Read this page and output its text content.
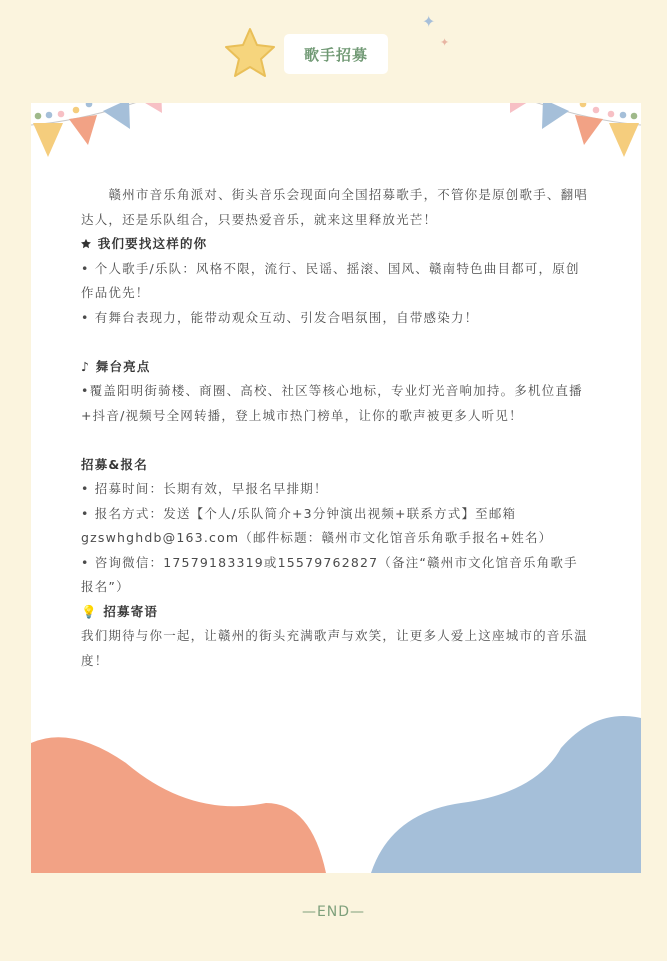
歌手招募
✦
✦

赣州市音乐角派对、街头音乐会现面向全国招募歌手，不管你是原创歌手、翻唱达人，还是乐队组合，只要热爱音乐，就来这里释放光芒！

🟊 我们要找这样的你

• 个人歌手/乐队：风格不限，流行、民谣、摇滚、国风、赣南特色曲目都可，原创作品优先！

• 有舞台表现力，能带动观众互动、引发合唱氛围，自带感染力！

♪ 舞台亮点

•覆盖阳明街骑楼、商圈、高校、社区等核心地标，专业灯光音响加持。多机位直播+抖音/视频号全网转播，登上城市热门榜单，让你的歌声被更多人听见！

招募&报名

• 招募时间：长期有效，早报名早排期！

• 报名方式：发送【个人/乐队简介+3分钟演出视频+联系方式】至邮箱gzswhghdb@163.com（邮件标题：赣州市文化馆音乐角歌手报名+姓名）

• 咨询微信：17579183319或15579762827（备注“赣州市文化馆音乐角歌手报名”）

💡 招募寄语

我们期待与你一起，让赣州的街头充满歌声与欢笑，让更多人爱上这座城市的音乐温度！

—END—
